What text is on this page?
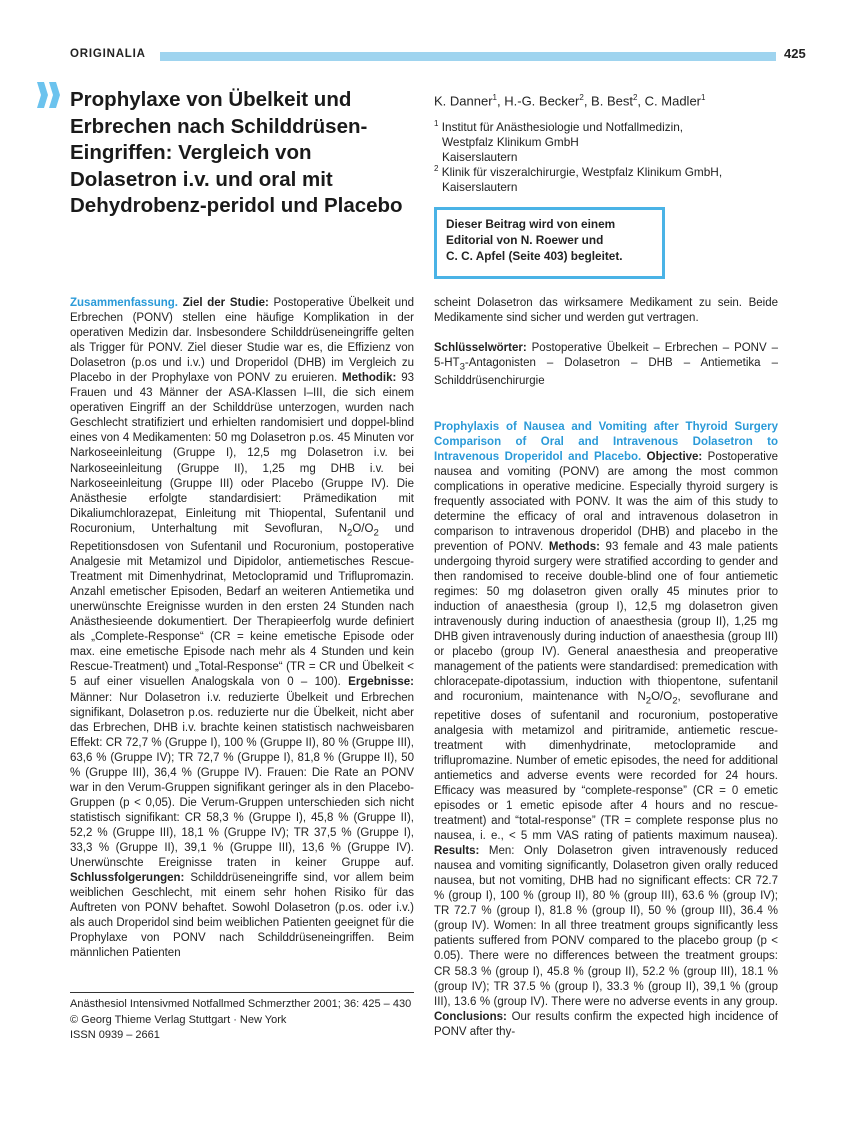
ORIGINALIA	425
Prophylaxe von Übelkeit und Erbrechen nach Schilddrüsen-Eingriffen: Vergleich von Dolasetron i.v. und oral mit Dehydrobenz-peridol und Placebo
K. Danner$^1$, H.-G. Becker$^2$, B. Best$^2$, C. Madler$^1$
$^1$ Institut für Anästhesiologie und Notfallmedizin,
Westpfalz Klinikum GmbH
Kaiserslautern
$^2$ Klinik für viszeralchirurgie, Westpfalz Klinikum GmbH,
Kaiserslautern
Dieser Beitrag wird von einem
Editorial von N. Roewer und
C. C. Apfel (Seite 403) begleitet.
Zusammenfassung. Ziel der Studie: Postoperative Übelkeit und Erbrechen (PONV) stellen eine häufige Komplikation in der operativen Medizin dar. Insbesondere Schilddrüseneingriffe gelten als Trigger für PONV. Ziel dieser Studie war es, die Effizienz von Dolasetron (p.os und i.v.) und Droperidol (DHB) im Vergleich zu Placebo in der Prophylaxe von PONV zu eruieren. Methodik: 93 Frauen und 43 Männer der ASA-Klassen I–III, die sich einem operativen Eingriff an der Schilddrüse unterzogen, wurden nach Geschlecht stratifiziert und erhielten randomisiert und doppel-blind eines von 4 Medikamenten: 50 mg Dolasetron p.os. 45 Minuten vor Narkoseeinleitung (Gruppe I), 12,5 mg Dolasetron i.v. bei Narkoseeinleitung (Gruppe II), 1,25 mg DHB i.v. bei Narkoseeinleitung (Gruppe III) oder Placebo (Gruppe IV). Die Anästhesie erfolgte standardisiert: Prämedikation mit Dikaliumchlorazepat, Einleitung mit Thiopental, Sufentanil und Rocuronium, Unterhaltung mit Sevofluran, $N_2O/O_2$ und Repetitionsdosen von Sufentanil und Rocuronium, postoperative Analgesie mit Metamizol und Dipidolor, antiemetisches Rescue-Treatment mit Dimenhydrinat, Metoclopramid und Triflupromazin. Anzahl emetischer Episoden, Bedarf an weiteren Antiemetika und unerwünschte Ereignisse wurden in den ersten 24 Stunden nach Anästhesieende dokumentiert. Der Therapieerfolg wurde definiert als „Complete-Response“ (CR = keine emetische Episode oder max. eine emetische Episode nach mehr als 4 Stunden und kein Rescue-Treatment) und „Total-Response“ (TR = CR und Übelkeit < 5 auf einer visuellen Analogskala von 0 – 100). Ergebnisse: Männer: Nur Dolasetron i.v. reduzierte Übelkeit und Erbrechen signifikant, Dolasetron p.os. reduzierte nur die Übelkeit, nicht aber das Erbrechen, DHB i.v. brachte keinen statistisch nachweisbaren Effekt: CR 72,7 % (Gruppe I), 100 % (Gruppe II), 80 % (Gruppe III), 63,6 % (Gruppe IV); TR 72,7 % (Gruppe I), 81,8 % (Gruppe II), 50 % (Gruppe III), 36,4 % (Gruppe IV). Frauen: Die Rate an PONV war in den Verum-Gruppen signifikant geringer als in den Placebo-Gruppen (p < 0,05). Die Verum-Gruppen unterschieden sich nicht statistisch signifikant: CR 58,3 % (Gruppe I), 45,8 % (Gruppe II), 52,2 % (Gruppe III), 18,1 % (Gruppe IV); TR 37,5 % (Gruppe I), 33,3 % (Gruppe II), 39,1 % (Gruppe III), 13,6 % (Gruppe IV). Unerwünschte Ereignisse traten in keiner Gruppe auf. Schlussfolgerungen: Schilddrüseneingriffe sind, vor allem beim weiblichen Geschlecht, mit einem sehr hohen Risiko für das Auftreten von PONV behaftet. Sowohl Dolasetron (p.os. oder i.v.) als auch Droperidol sind beim weiblichen Patienten geeignet für die Prophylaxe von PONV nach Schilddrüseneingriffen. Beim männlichen Patienten
Anästhesiol Intensivmed Notfallmed Schmerzther 2001; 36: 425 – 430
© Georg Thieme Verlag Stuttgart · New York
ISSN 0939 – 2661
scheint Dolasetron das wirksamere Medikament zu sein. Beide Medikamente sind sicher und werden gut vertragen.
Schlüsselwörter: Postoperative Übelkeit – Erbrechen – PONV – $5-HT_3$-Antagonisten – Dolasetron – DHB – Antiemetika – Schilddrüsenchirurgie
Prophylaxis of Nausea and Vomiting after Thyroid Surgery Comparison of Oral and Intravenous Dolasetron to Intravenous Droperidol and Placebo. Objective: Postoperative nausea and vomiting (PONV) are among the most common complications in operative medicine. Especially thyroid surgery is frequently associated with PONV. It was the aim of this study to determine the efficacy of oral and intravenous dolasetron in comparison to intravenous droperidol (DHB) and placebo in the prevention of PONV. Methods: 93 female and 43 male patients undergoing thyroid surgery were stratified according to gender and then randomised to receive double-blind one of four antiemetic regimes: 50 mg dolasetron given orally 45 minutes prior to induction of anaesthesia (group I), 12,5 mg dolasetron given intravenously during induction of anaesthesia (group II), 1,25 mg DHB given intravenously during induction of anaesthesia (group III) or placebo (group IV). General anaesthesia and preoperative management of the patients were standardised: premedication with chloracepate-dipotassium, induction with thiopentone, sufentanil and rocuronium, maintenance with $N_2O/O_2$, sevoflurane and repetitive doses of sufentanil and rocuronium, postoperative analgesia with metamizol and piritramide, antiemetic rescue-treatment with dimenhydrinate, metoclopramide and triflupromazine. Number of emetic episodes, the need for additional antiemetics and adverse events were recorded for 24 hours. Efficacy was measured by “complete-response” (CR = 0 emetic episodes or 1 emetic episode after 4 hours and no rescue-treatment) and “total-response” (TR = complete response plus no nausea, i. e., < 5 mm VAS rating of patients maximum nausea). Results: Men: Only Dolasetron given intravenously reduced nausea and vomiting significantly, Dolasetron given orally reduced nausea, but not vomiting, DHB had no significant effects: CR 72.7 % (group I), 100 % (group II), 80 % (group III), 63.6 % (group IV); TR 72.7 % (group I), 81.8 % (group II), 50 % (group III), 36.4 % (group IV). Women: In all three treatment groups significantly less patients suffered from PONV compared to the placebo group (p < 0.05). There were no differences between the treatment groups: CR 58.3 % (group I), 45.8 % (group II), 52.2 % (group III), 18.1 % (group IV); TR 37.5 % (group I), 33.3 % (group II), 39,1 % (group III), 13.6 % (group IV). There were no adverse events in any group. Conclusions: Our results confirm the expected high incidence of PONV after thy-
